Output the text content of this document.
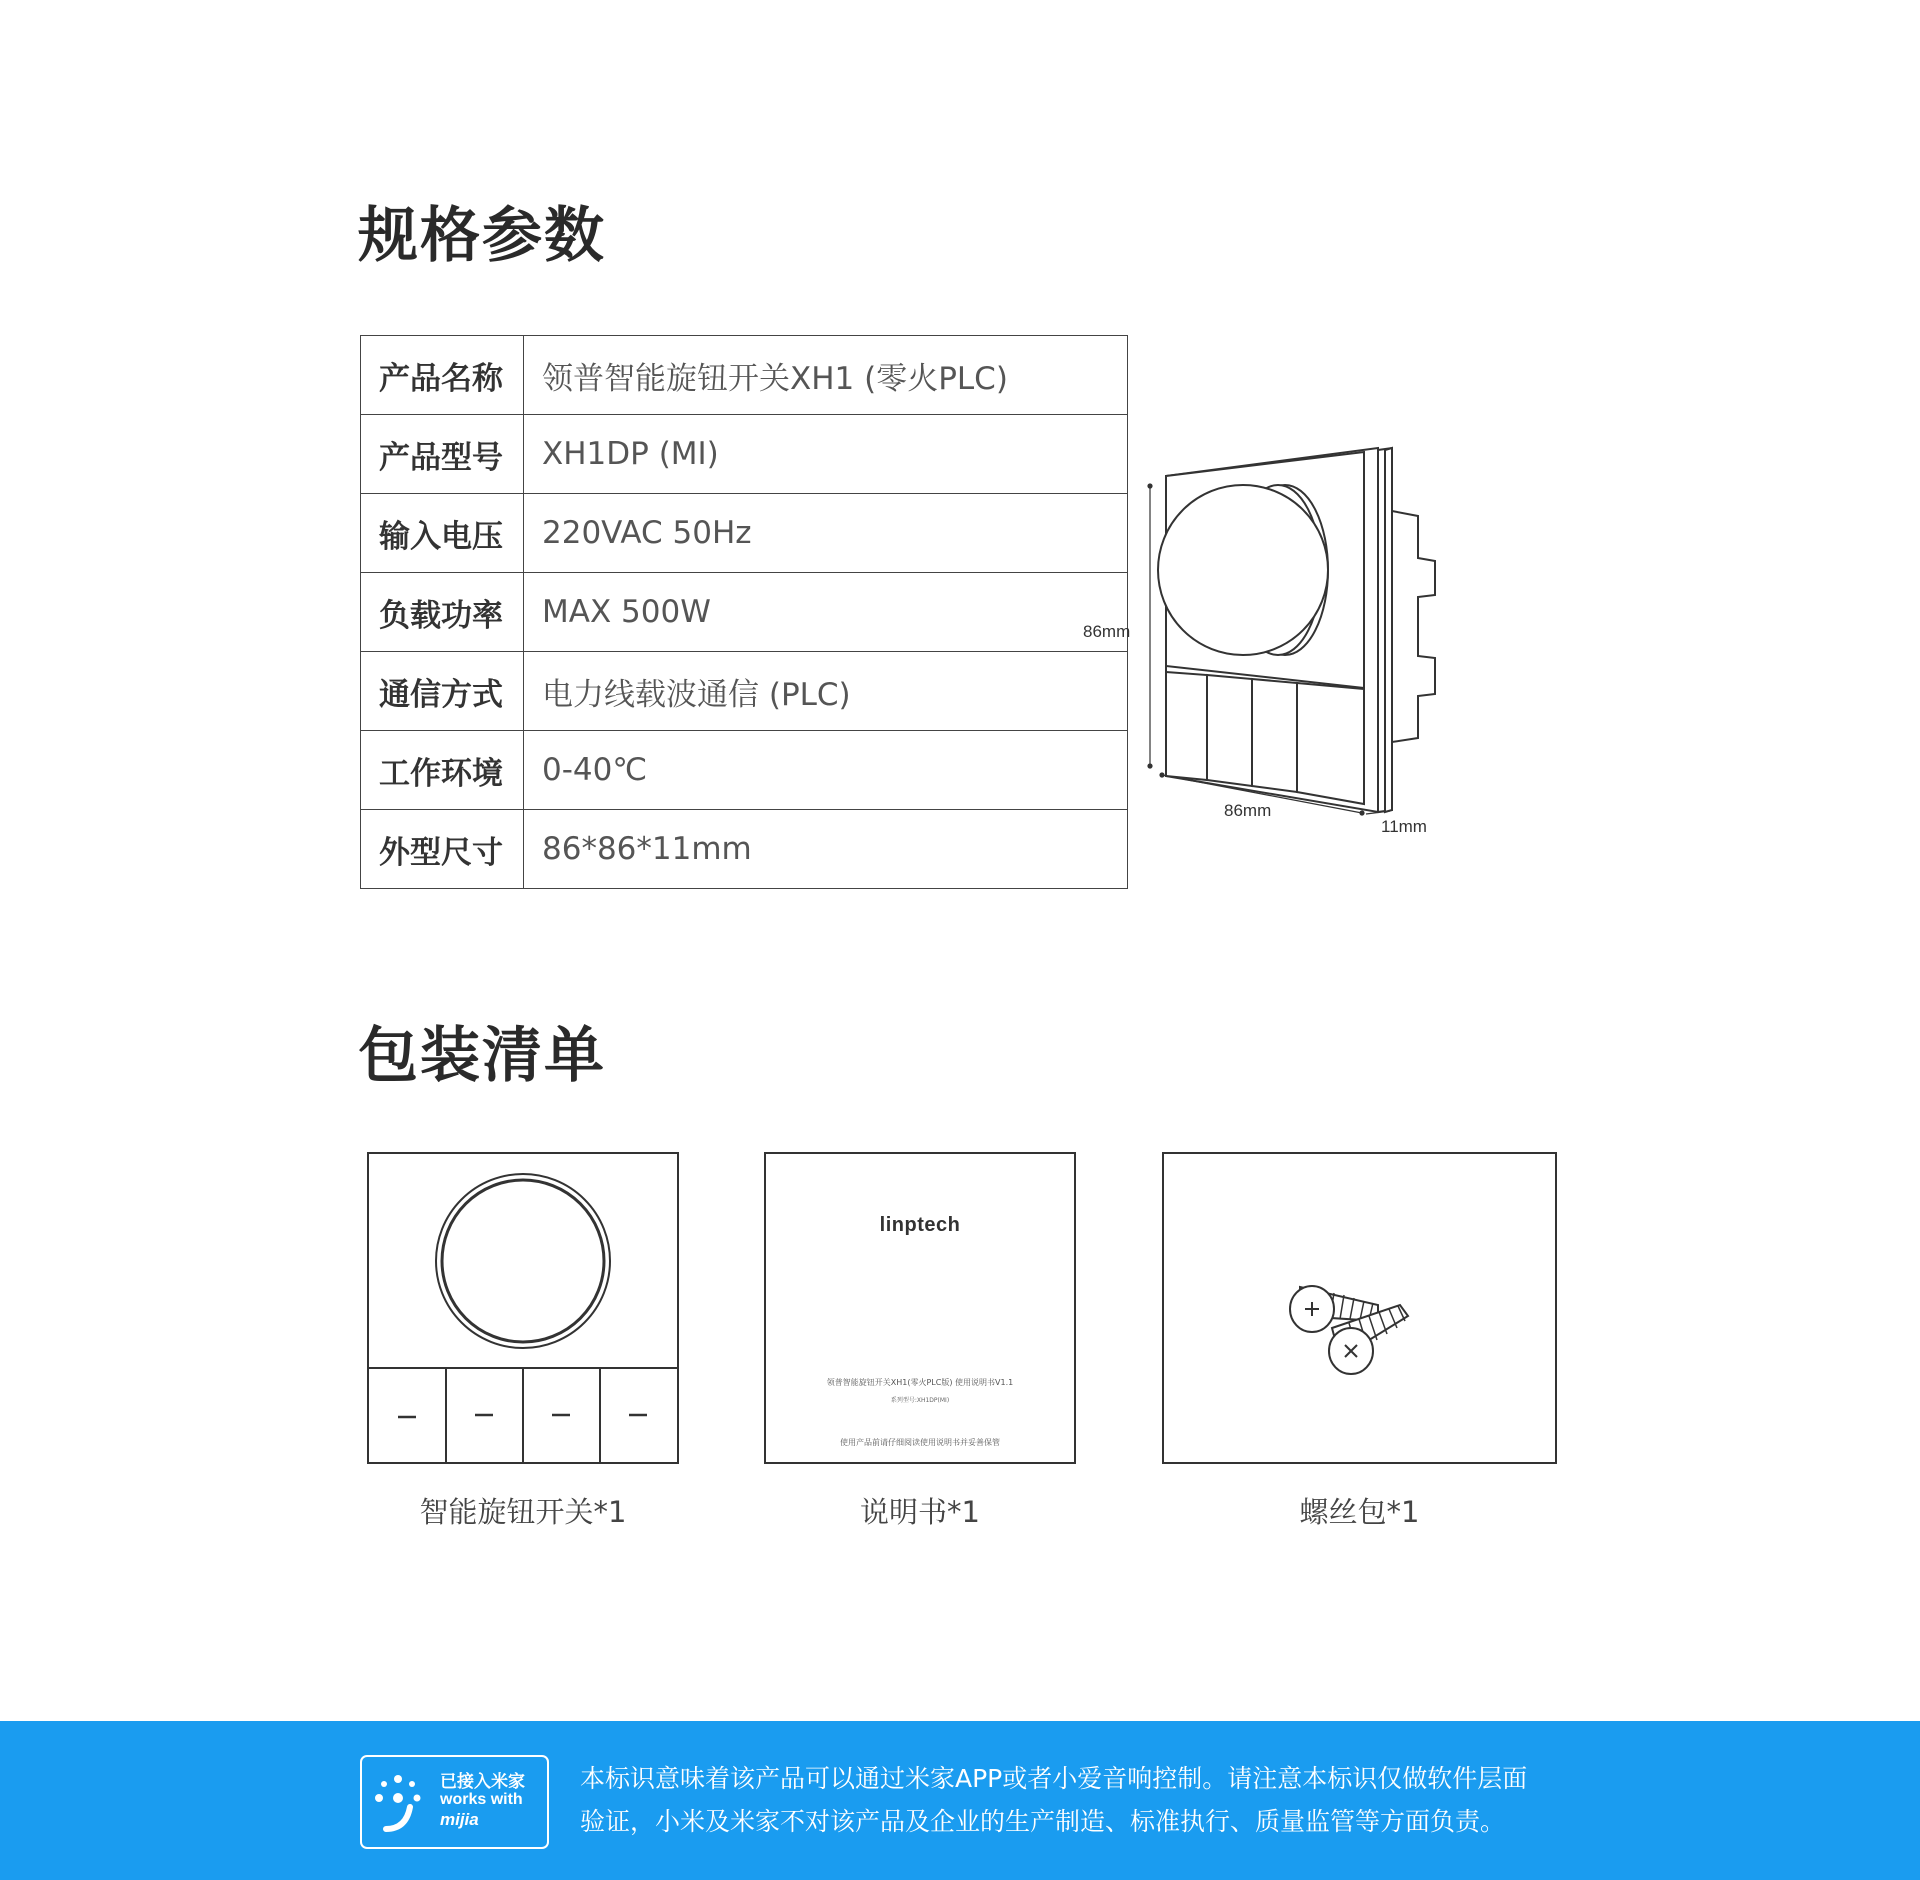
规格参数
产品名称	领普智能旋钮开关XH1 (零火PLC)
产品型号	XH1DP (MI)
输入电压	220VAC 50Hz
负载功率	MAX 500W
通信方式	电力线载波通信 (PLC)
工作环境	0-40℃
外型尺寸	86*86*11mm
86mm
86mm
11mm
包装清单
智能旋钮开关*1
linptech
领普智能旋钮开关XH1(零火PLC版) 使用说明书V1.1
系列型号:XH1DP(MI)
使用产品前请仔细阅读使用说明书并妥善保管
说明书*1	螺丝包*1
已接入米家
works with
mijia
本标识意味着该产品可以通过米家APP或者小爱音响控制。请注意本标识仅做软件层面
验证，小米及米家不对该产品及企业的生产制造、标准执行、质量监管等方面负责。
